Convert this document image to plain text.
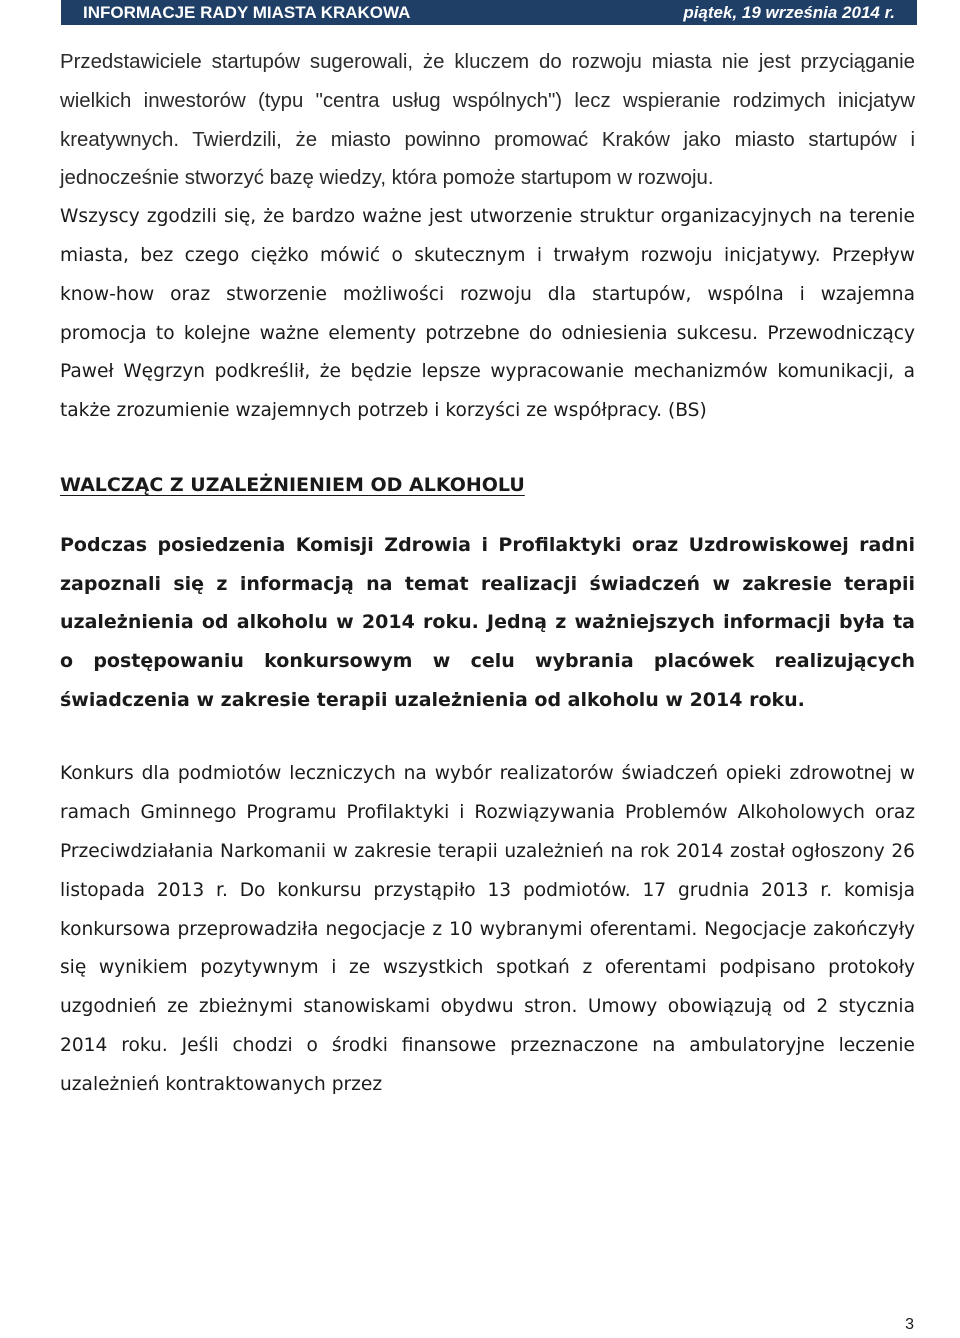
INFORMACJE RADY MIASTA KRAKOWA	piątek, 19 września 2014 r.

Przedstawiciele startupów sugerowali, że kluczem do rozwoju miasta nie jest przyciąganie wielkich inwestorów (typu "centra usług wspólnych") lecz wspieranie rodzimych inicjatyw kreatywnych. Twierdzili, że miasto powinno promować Kraków jako miasto startupów i jednocześnie stworzyć bazę wiedzy, która pomoże startupom w rozwoju.

Wszyscy zgodzili się, że bardzo ważne jest utworzenie struktur organizacyjnych na terenie miasta, bez czego ciężko mówić o skutecznym i trwałym rozwoju inicjatywy. Przepływ know-how oraz stworzenie możliwości rozwoju dla startupów, wspólna i wzajemna promocja to kolejne ważne elementy potrzebne do odniesienia sukcesu. Przewodniczący Paweł Węgrzyn podkreślił, że będzie lepsze wypracowanie mechanizmów komunikacji, a także zrozumienie wzajemnych potrzeb i korzyści ze współpracy. (BS)

WALCZĄC Z UZALEŻNIENIEM OD ALKOHOLU

Podczas posiedzenia Komisji Zdrowia i Profilaktyki oraz Uzdrowiskowej radni zapoznali się z informacją na temat realizacji świadczeń w zakresie terapii uzależnienia od alkoholu w 2014 roku. Jedną z ważniejszych informacji była ta o postępowaniu konkursowym w celu wybrania placówek realizujących świadczenia w zakresie terapii uzależnienia od alkoholu w 2014 roku.

Konkurs dla podmiotów leczniczych na wybór realizatorów świadczeń opieki zdrowotnej w ramach Gminnego Programu Profilaktyki i Rozwiązywania Problemów Alkoholowych oraz Przeciwdziałania Narkomanii w zakresie terapii uzależnień na rok 2014 został ogłoszony 26 listopada 2013 r. Do konkursu przystąpiło 13 podmiotów. 17 grudnia 2013 r. komisja konkursowa przeprowadziła negocjacje z 10 wybranymi oferentami. Negocjacje zakończyły się wynikiem pozytywnym i ze wszystkich spotkań z oferentami podpisano protokoły uzgodnień ze zbieżnymi stanowiskami obydwu stron. Umowy obowiązują od 2 stycznia 2014 roku. Jeśli chodzi o środki finansowe przeznaczone na ambulatoryjne leczenie uzależnień kontraktowanych przez

3
